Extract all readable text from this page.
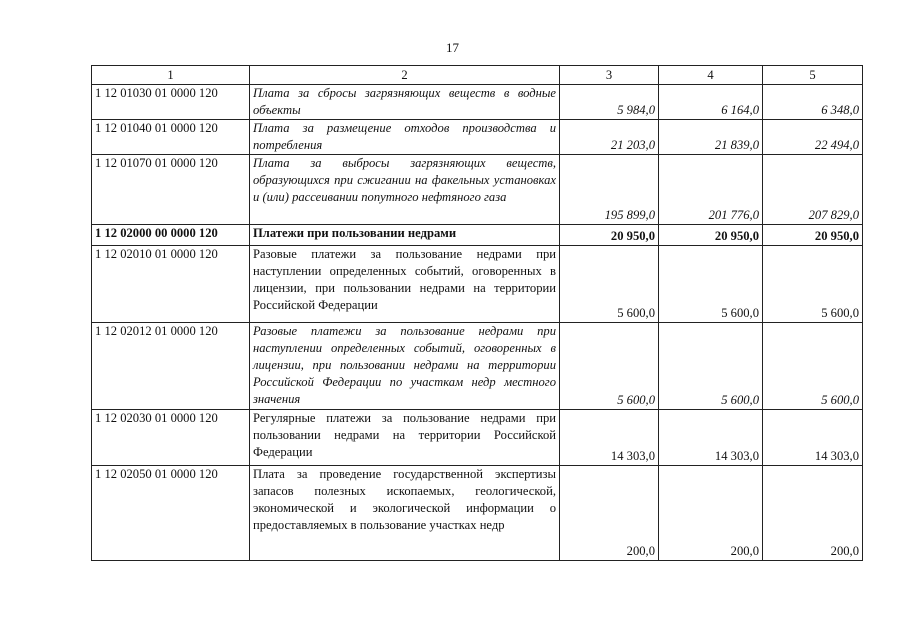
17
1	2	3	4	5
1 12 01030 01 0000 120	Плата за сбросы загрязняющих веществ в водные объекты	5 984,0	6 164,0	6 348,0
1 12 01040 01 0000 120	Плата за размещение отходов производства и потребления	21 203,0	21 839,0	22 494,0
1 12 01070 01 0000 120	Плата за выбросы загрязняющих веществ, образующихся при сжигании на факельных установках и (или) рассеивании попутного нефтяного газа	195 899,0	201 776,0	207 829,0
1 12 02000 00 0000 120	Платежи при пользовании недрами	20 950,0	20 950,0	20 950,0
1 12 02010 01 0000 120	Разовые платежи за пользование недрами при наступлении определенных событий, оговоренных в лицензии, при пользовании недрами на территории Российской Федерации	5 600,0	5 600,0	5 600,0
1 12 02012 01 0000 120	Разовые платежи за пользование недрами при наступлении определенных событий, оговоренных в лицензии, при пользовании недрами на территории Российской Федерации по участкам недр местного значения	5 600,0	5 600,0	5 600,0
1 12 02030 01 0000 120	Регулярные платежи за пользование недрами при пользовании недрами на территории Российской Федерации	14 303,0	14 303,0	14 303,0
1 12 02050 01 0000 120	Плата за проведение государственной экспертизы запасов полезных ископаемых, геологической, экономической и экологической информации о предоставляемых в пользование участках недр	200,0	200,0	200,0
